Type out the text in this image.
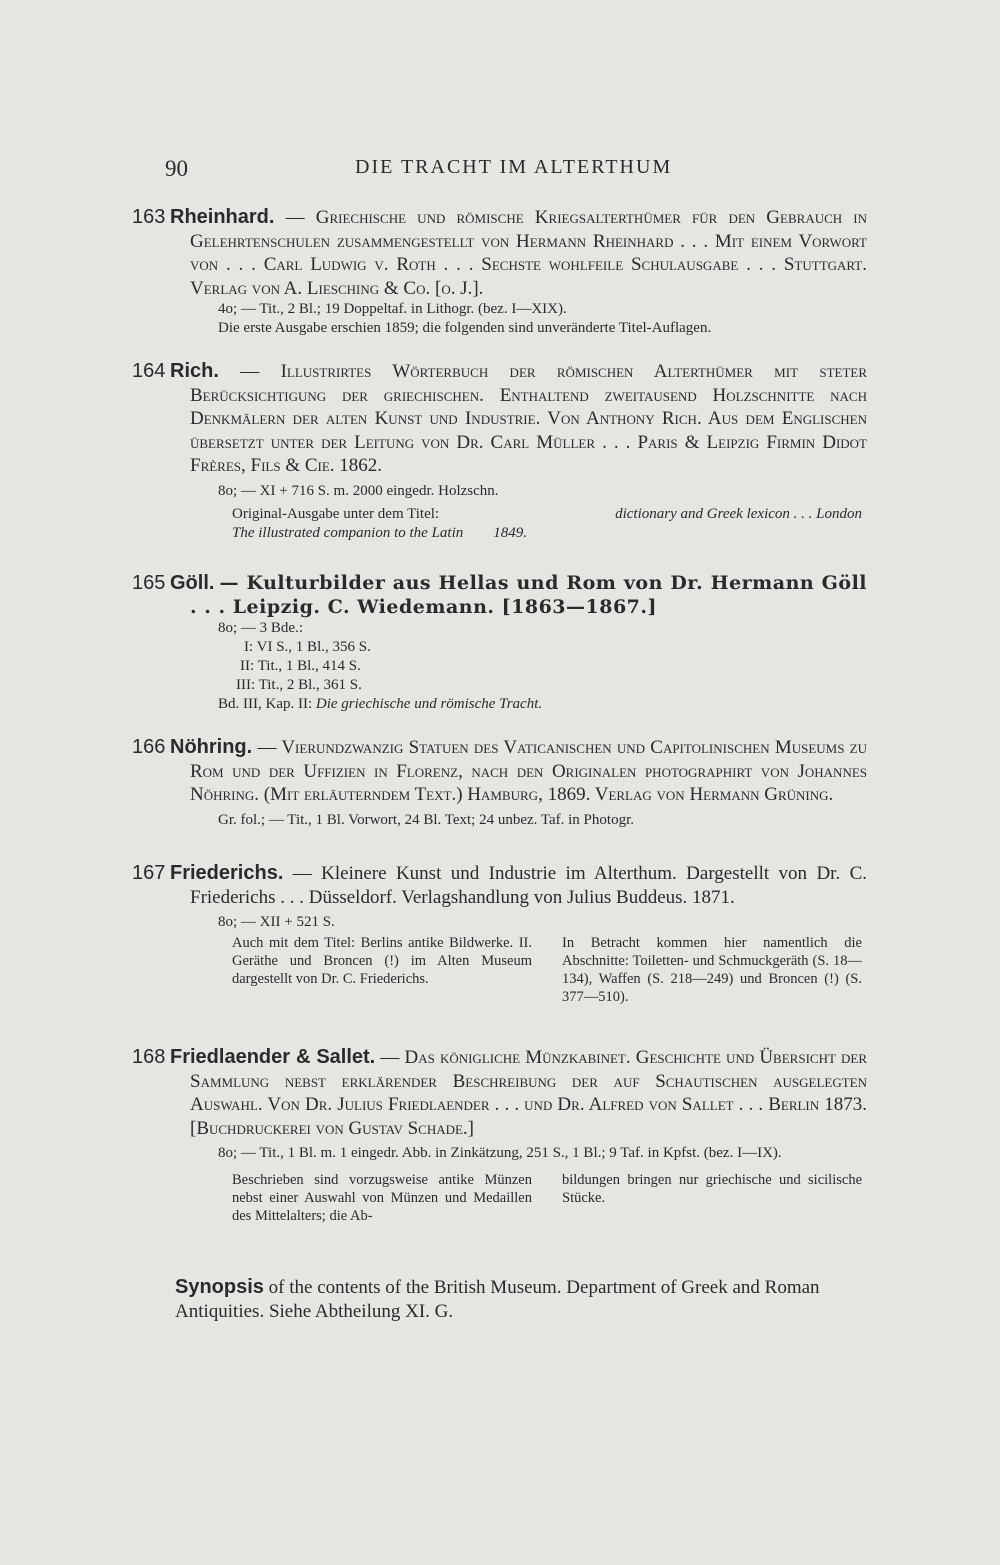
90	DIE TRACHT IM ALTERTHUM
163 Rheinhard. — Griechische und römische Kriegsalterthümer für den Gebrauch in Gelehrtenschulen zusammengestellt von Hermann Rheinhard . . . Mit einem Vorwort von . . . Carl Ludwig v. Roth . . . Sechste wohlfeile Schulausgabe . . . Stuttgart. Verlag von A. Liesching & Co. [o. J.].
4o; — Tit., 2 Bl.; 19 Doppeltaf. in Lithogr. (bez. I—XIX).
Die erste Ausgabe erschien 1859; die folgenden sind unveränderte Titel-Auflagen.
164 Rich. — Illustrirtes Wörterbuch der römischen Alterthümer mit steter Berücksichtigung der griechischen. Enthaltend zweitausend Holzschnitte nach Denkmälern der alten Kunst und Industrie. Von Anthony Rich. Aus dem Englischen übersetzt unter der Leitung von Dr. Carl Müller . . . Paris & Leipzig Firmin Didot Frères, Fils & Cie. 1862.
8o; — XI + 716 S. m. 2000 eingedr. Holzschn.
Original-Ausgabe unter dem Titel:	dictionary and Greek lexicon . . . London
The illustrated companion to the Latin 1849.
165 Göll. — Kulturbilder aus Hellas und Rom von Dr. Hermann Göll . . . Leipzig. C. Wiedemann. [1863—1867.]
8o; — 3 Bde.:
I: VI S., 1 Bl., 356 S.
II: Tit., 1 Bl., 414 S.
III: Tit., 2 Bl., 361 S.
Bd. III, Kap. II: Die griechische und römische Tracht.
166 Nöhring. — Vierundzwanzig Statuen des Vaticanischen und Capitolinischen Museums zu Rom und der Uffizien in Florenz, nach den Originalen photographirt von Johannes Nöhring. (Mit erläuterndem Text.) Hamburg, 1869. Verlag von Hermann Grüning.
Gr. fol.; — Tit., 1 Bl. Vorwort, 24 Bl. Text; 24 unbez. Taf. in Photogr.
167 Friederichs. — Kleinere Kunst und Industrie im Alterthum. Dargestellt von Dr. C. Friederichs . . . Düsseldorf. Verlagshandlung von Julius Buddeus. 1871.
8o; — XII + 521 S.
Auch mit dem Titel: Berlins antike Bildwerke. II. Geräthe und Broncen (!) im Alten Museum dargestellt von Dr. C. Friederichs.
In Betracht kommen hier namentlich die Abschnitte: Toiletten- und Schmuckgeräth (S. 18—134), Waffen (S. 218—249) und Broncen (!) (S. 377—510).
168 Friedlaender & Sallet. — Das königliche Münzkabinet. Geschichte und Übersicht der Sammlung nebst erklärender Beschreibung der auf Schautischen ausgelegten Auswahl. Von Dr. Julius Friedlaender . . . und Dr. Alfred von Sallet . . . Berlin 1873. [Buchdruckerei von Gustav Schade.]
8o; — Tit., 1 Bl. m. 1 eingedr. Abb. in Zinkätzung, 251 S., 1 Bl.; 9 Taf. in Kpfst. (bez. I—IX).
Beschrieben sind vorzugsweise antike Münzen nebst einer Auswahl von Münzen und Medaillen des Mittelalters; die Ab-
bildungen bringen nur griechische und sicilische Stücke.
Synopsis of the contents of the British Museum. Department of Greek and Roman Antiquities. Siehe Abtheilung XI. G.
